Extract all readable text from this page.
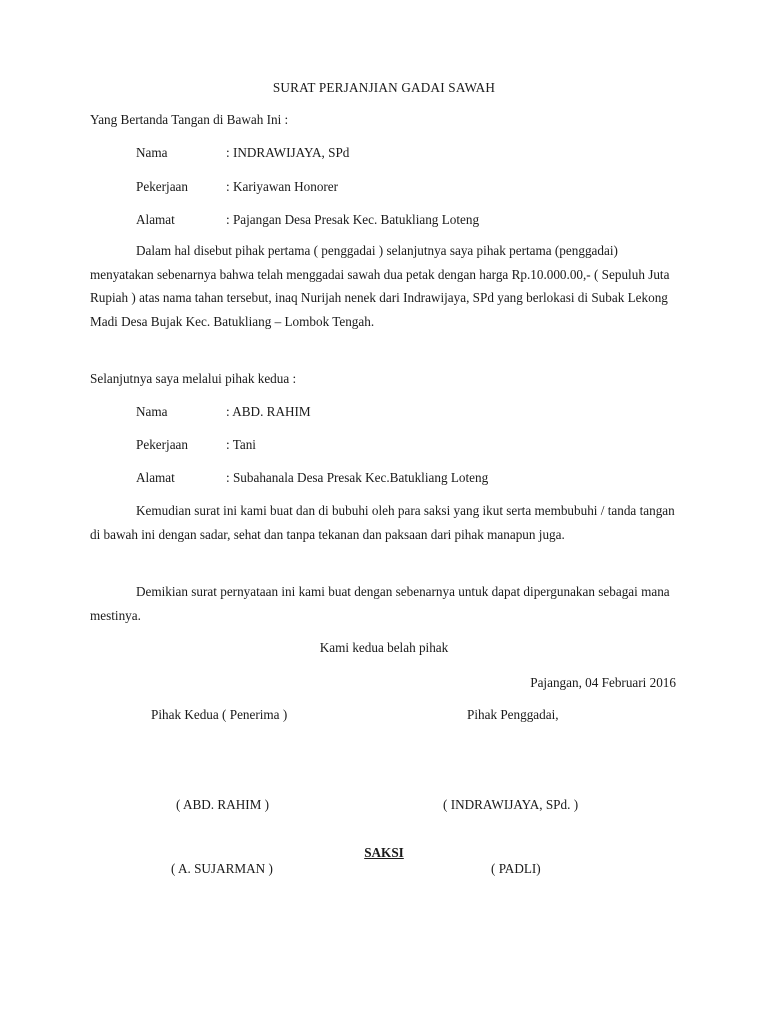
SURAT PERJANJIAN GADAI SAWAH
Yang Bertanda Tangan di Bawah Ini :
Nama	: INDRAWIJAYA, SPd
Pekerjaan	: Kariyawan Honorer
Alamat	: Pajangan Desa Presak Kec. Batukliang Loteng
Dalam hal disebut pihak pertama ( penggadai ) selanjutnya saya pihak pertama (penggadai) menyatakan sebenarnya bahwa telah menggadai sawah dua petak dengan harga Rp.10.000.00,- ( Sepuluh Juta Rupiah ) atas nama tahan tersebut, inaq Nurijah nenek dari Indrawijaya, SPd yang berlokasi di Subak Lekong Madi Desa Bujak Kec. Batukliang – Lombok Tengah.
Selanjutnya saya melalui pihak kedua :
Nama	: ABD. RAHIM
Pekerjaan	: Tani
Alamat	: Subahanala Desa Presak Kec.Batukliang Loteng
Kemudian surat ini kami buat dan di bubuhi oleh para saksi yang ikut serta membubuhi / tanda tangan di bawah ini dengan sadar, sehat dan tanpa tekanan dan paksaan dari pihak manapun juga.
Demikian surat pernyataan ini kami buat dengan sebenarnya untuk dapat dipergunakan sebagai mana mestinya.
Kami kedua belah pihak
Pajangan, 04 Februari 2016
Pihak Kedua ( Penerima )	Pihak Penggadai,
( ABD. RAHIM )	( INDRAWIJAYA, SPd. )
SAKSI
( A. SUJARMAN )	( PADLI)
